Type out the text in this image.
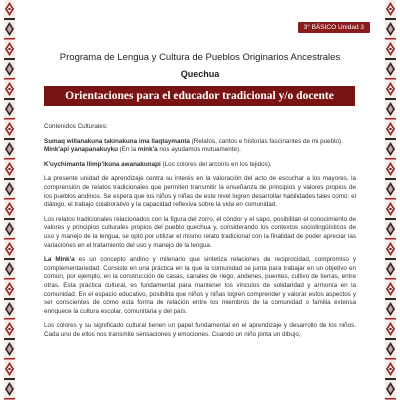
3° BÁSICO Unidad 3
Programa de Lengua y Cultura de Pueblos Originarios Ancestrales
Quechua
Orientaciones para el educador tradicional y/o docente

Contenidos Culturales:

Sumaq willanakuna takinakuna ima llaqtaymanta (Relatos, cantos e historias fascinantes de mi pueblo).

Mink'api yanapanakuyku (En la mink'a nos ayudamos mutuamente).

K'uychimanta llimp'ikuna awanakunapi (Los colores del arcoíris en los tejidos).

La presente unidad de aprendizaje centra su interés en la valoración del acto de escuchar a los mayores, la comprensión de relatos tradicionales que permiten transmitir la enseñanza de principios y valores propios de los pueblos andinos. Se espera que los niños y niñas de este nivel logren desarrollar habilidades tales como: el diálogo, el trabajo colaborativo y la capacidad reflexiva sobre la vida en comunidad.

Los relatos tradicionales relacionados con la figura del zorro, el cóndor y el sapo, posibilitan el conocimiento de valores y principios culturales propios del pueblo quechua y, considerando los contextos sociolingüísticos de uso y manejo de la lengua, se optó por utilizar el mismo relato tradicional con la finalidad de poder apreciar las variaciones en el tratamiento del uso y manejo de la lengua.

La Mink'a es un concepto andino y milenario que sintetiza relaciones de reciprocidad, compromiso y complementariedad. Consiste en una práctica en la que la comunidad se junta para trabajar en un objetivo en común, por ejemplo, en la construcción de casas, canales de riego, andenes, puentes, cultivo de tierras, entre otras. Esta práctica cultural, es fundamental para mantener los vínculos de solidaridad y armonía en la comunidad. En el espacio educativo, posibilita que niños y niñas logren comprender y valorar estos aspectos y ser conscientes de cómo esta forma de relación entre los miembros de la comunidad o familia extensa enriquece la cultura escolar, comunitaria y del país.

Los colores y su significado cultural tienen un papel fundamental en el aprendizaje y desarrollo de los niños. Cada uno de ellos nos transmite sensaciones y emociones. Cuando un niño pinta un dibujo,
